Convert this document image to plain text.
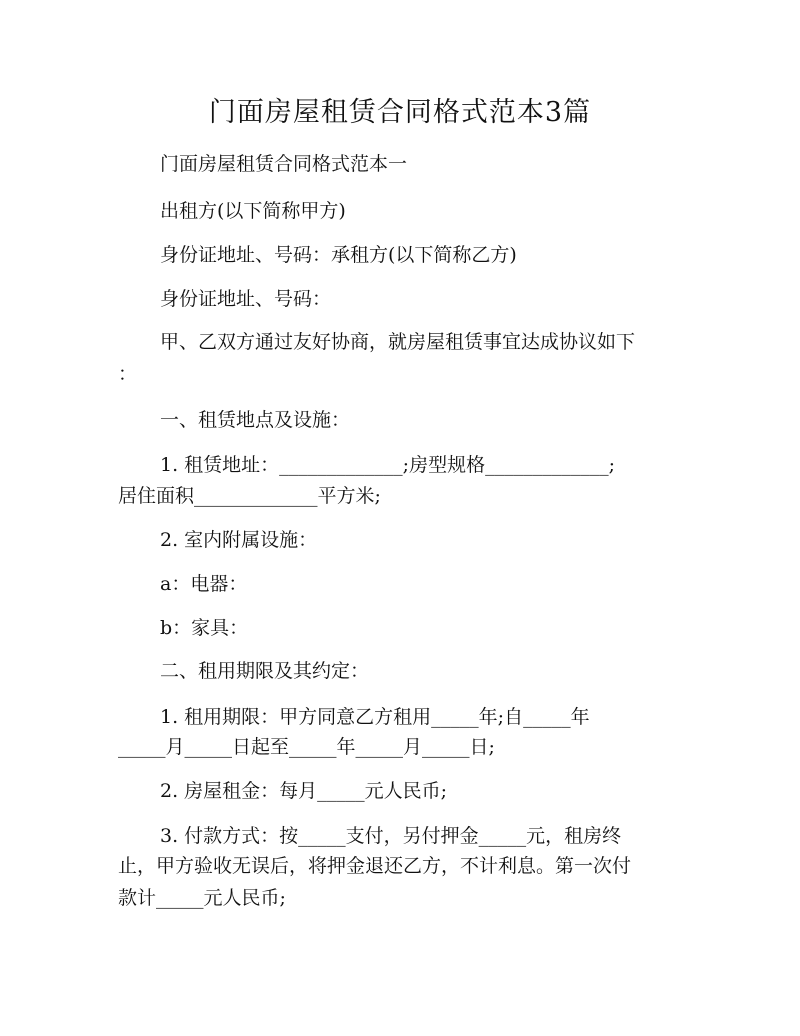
门面房屋租赁合同格式范本3篇
门面房屋租赁合同格式范本一
出租方(以下简称甲方)
身份证地址、号码：承租方(以下简称乙方)
身份证地址、号码：
甲、乙双方通过友好协商，就房屋租赁事宜达成协议如下
：
一、租赁地点及设施：
1. 租赁地址：_____________;房型规格_____________;
居住面积_____________平方米;
2. 室内附属设施：
a：电器：
b：家具：
二、租用期限及其约定：
1. 租用期限：甲方同意乙方租用_____年;自_____年
_____月_____日起至_____年_____月_____日;
2. 房屋租金：每月_____元人民币;
3. 付款方式：按_____支付，另付押金_____元，租房终
止，甲方验收无误后，将押金退还乙方，不计利息。第一次付
款计_____元人民币;
